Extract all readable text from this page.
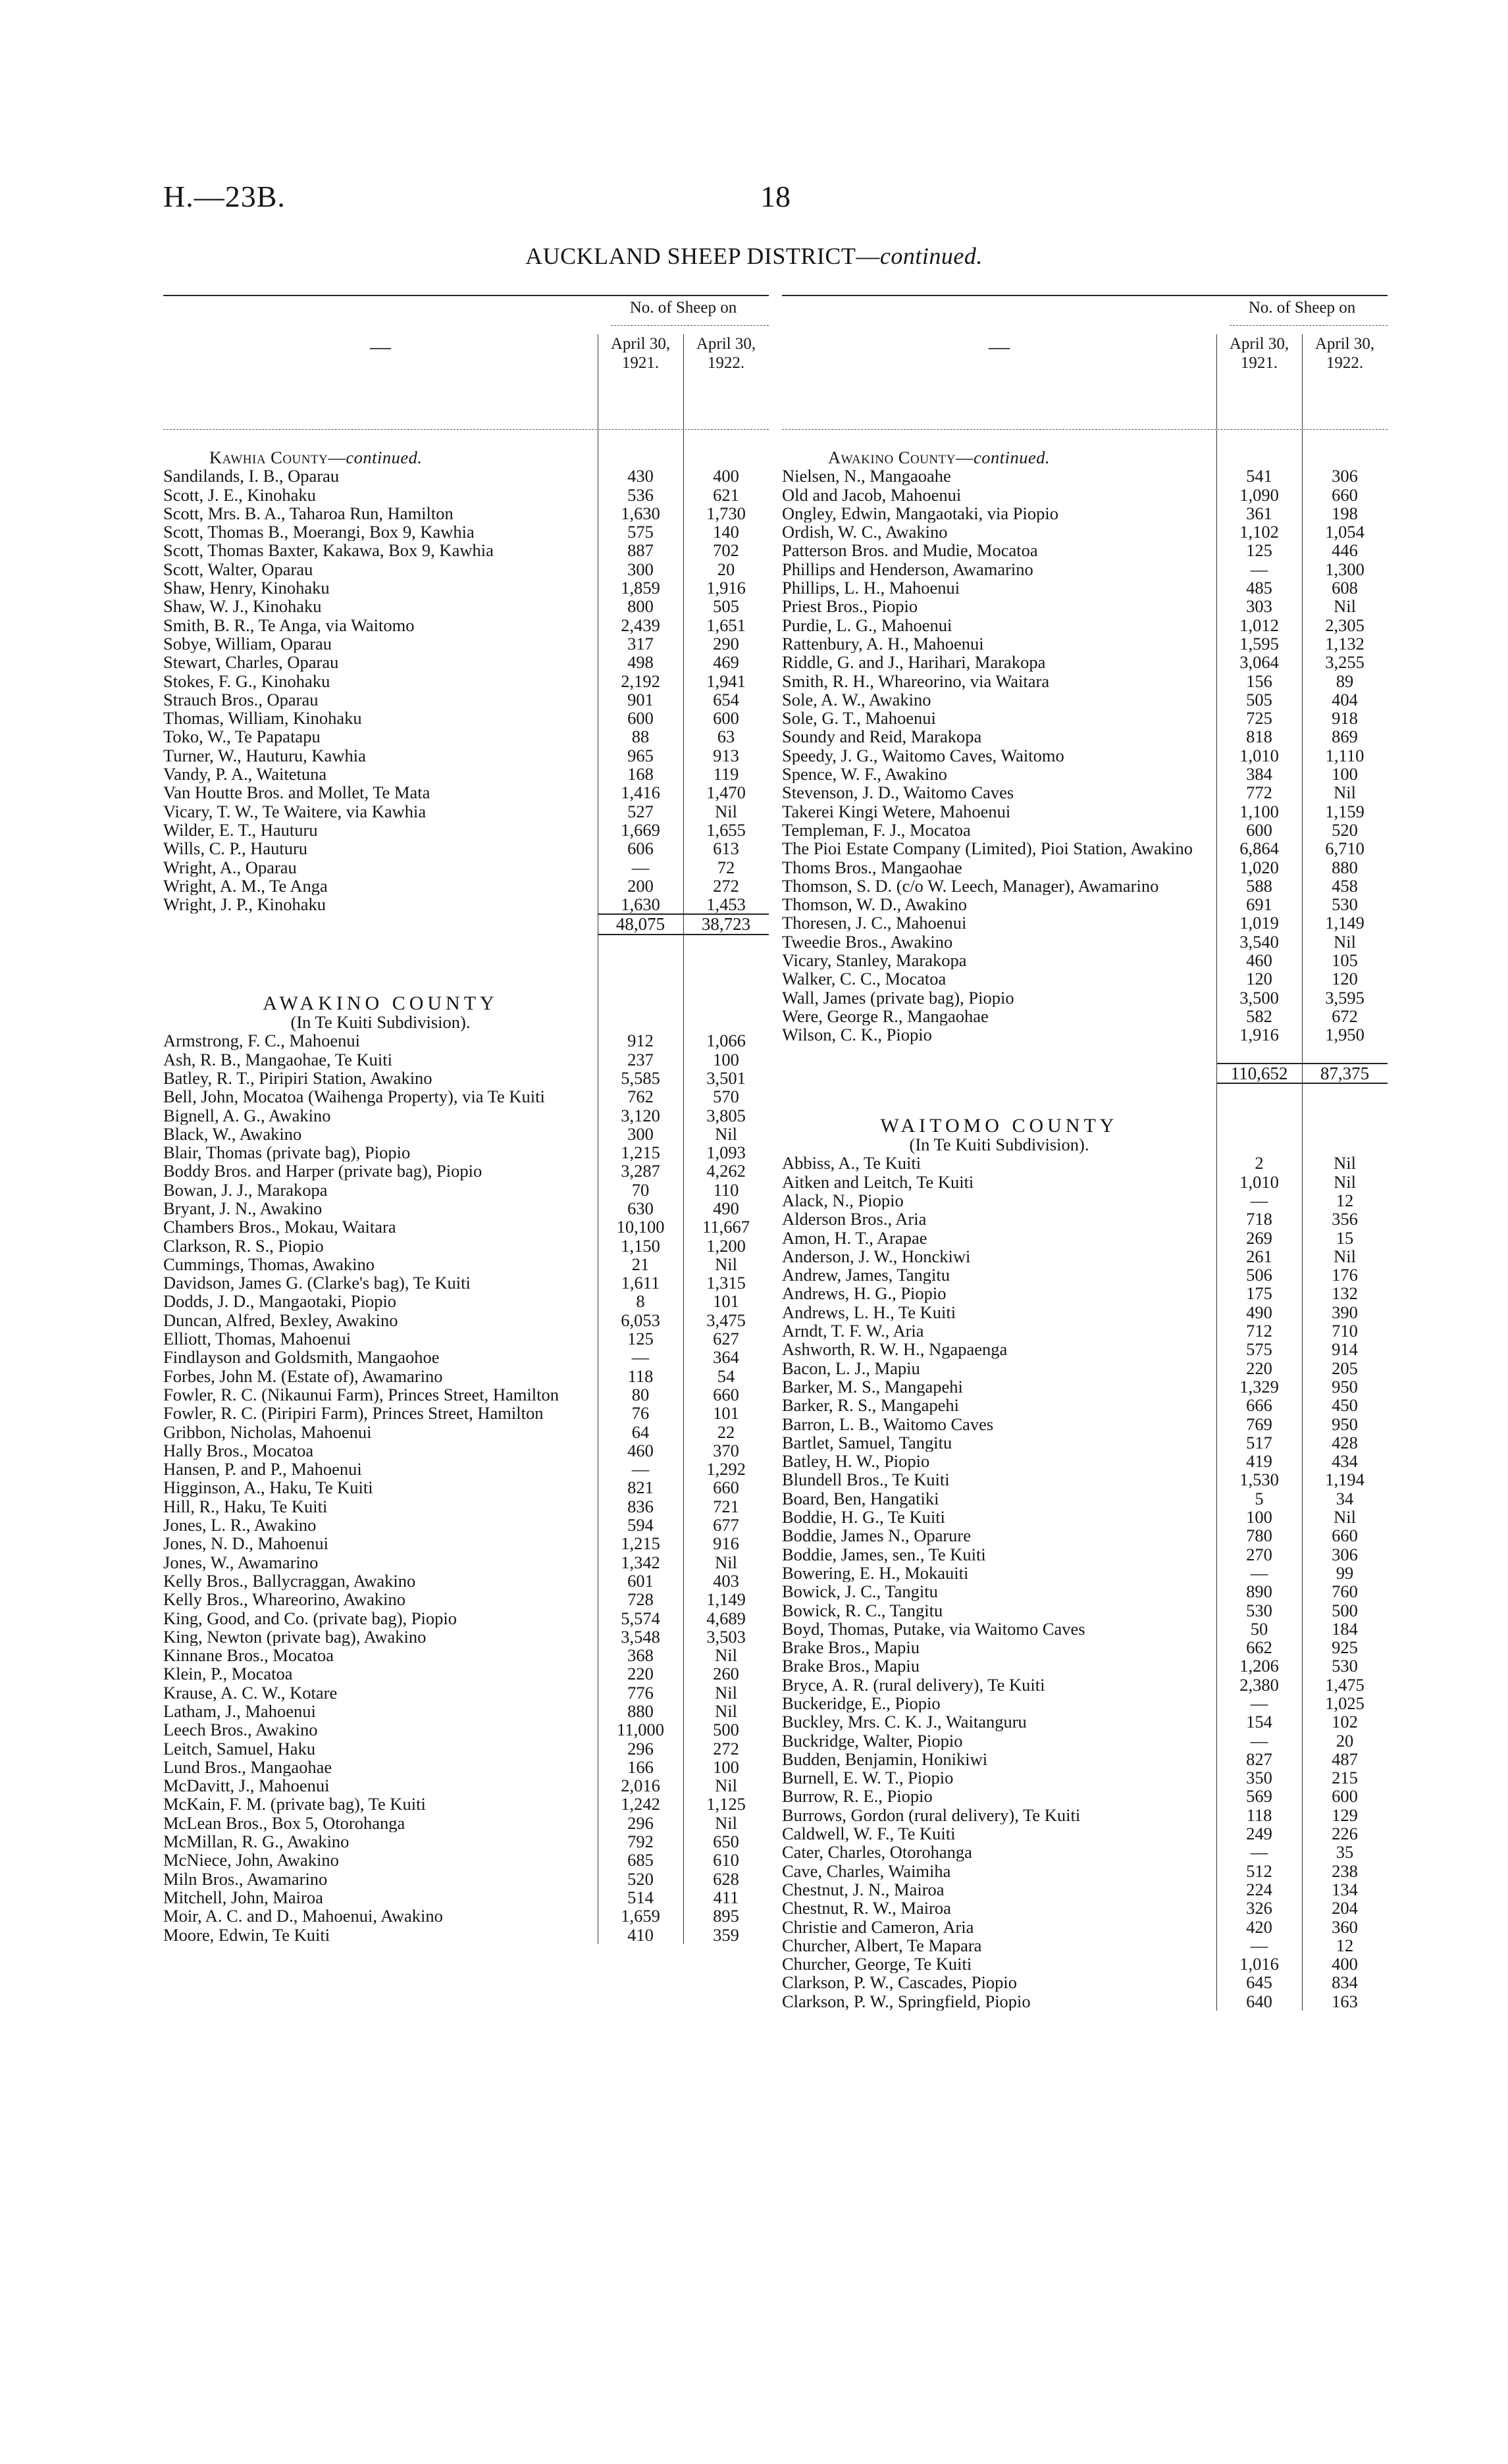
H.—23B.	18
AUCKLAND SHEEP DISTRICT—continued.
—
No. of Sheep on
April 30, 1921.
April 30, 1922.
Kawhia County—continued.
Sandilands, I. B., Oparau	430	400
Scott, J. E., Kinohaku	536	621
Scott, Mrs. B. A., Taharoa Run, Hamilton	1,630	1,730
Scott, Thomas B., Moerangi, Box 9, Kawhia	575	140
Scott, Thomas Baxter, Kakawa, Box 9, Kawhia	887	702
Scott, Walter, Oparau	300	20
Shaw, Henry, Kinohaku	1,859	1,916
Shaw, W. J., Kinohaku	800	505
Smith, B. R., Te Anga, via Waitomo	2,439	1,651
Sobye, William, Oparau	317	290
Stewart, Charles, Oparau	498	469
Stokes, F. G., Kinohaku	2,192	1,941
Strauch Bros., Oparau	901	654
Thomas, William, Kinohaku	600	600
Toko, W., Te Papatapu	88	63
Turner, W., Hauturu, Kawhia	965	913
Vandy, P. A., Waitetuna	168	119
Van Houtte Bros. and Mollet, Te Mata	1,416	1,470
Vicary, T. W., Te Waitere, via Kawhia	527	Nil
Wilder, E. T., Hauturu	1,669	1,655
Wills, C. P., Hauturu	606	613
Wright, A., Oparau	—	72
Wright, A. M., Te Anga	200	272
Wright, J. P., Kinohaku	1,630	1,453
48,075	38,723
AWAKINO COUNTY
(In Te Kuiti Subdivision).
Armstrong, F. C., Mahoenui	912	1,066
Ash, R. B., Mangaohae, Te Kuiti	237	100
Batley, R. T., Piripiri Station, Awakino	5,585	3,501
Bell, John, Mocatoa (Waihenga Property), via Te Kuiti	762	570
Bignell, A. G., Awakino	3,120	3,805
Black, W., Awakino	300	Nil
Blair, Thomas (private bag), Piopio	1,215	1,093
Boddy Bros. and Harper (private bag), Piopio	3,287	4,262
Bowan, J. J., Marakopa	70	110
Bryant, J. N., Awakino	630	490
Chambers Bros., Mokau, Waitara	10,100	11,667
Clarkson, R. S., Piopio	1,150	1,200
Cummings, Thomas, Awakino	21	Nil
Davidson, James G. (Clarke's bag), Te Kuiti	1,611	1,315
Dodds, J. D., Mangaotaki, Piopio	8	101
Duncan, Alfred, Bexley, Awakino	6,053	3,475
Elliott, Thomas, Mahoenui	125	627
Findlayson and Goldsmith, Mangaohoe	—	364
Forbes, John M. (Estate of), Awamarino	118	54
Fowler, R. C. (Nikaunui Farm), Princes Street, Hamilton	80	660
Fowler, R. C. (Piripiri Farm), Princes Street, Hamilton	76	101
Gribbon, Nicholas, Mahoenui	64	22
Hally Bros., Mocatoa	460	370
Hansen, P. and P., Mahoenui	—	1,292
Higginson, A., Haku, Te Kuiti	821	660
Hill, R., Haku, Te Kuiti	836	721
Jones, L. R., Awakino	594	677
Jones, N. D., Mahoenui	1,215	916
Jones, W., Awamarino	1,342	Nil
Kelly Bros., Ballycraggan, Awakino	601	403
Kelly Bros., Whareorino, Awakino	728	1,149
King, Good, and Co. (private bag), Piopio	5,574	4,689
King, Newton (private bag), Awakino	3,548	3,503
Kinnane Bros., Mocatoa	368	Nil
Klein, P., Mocatoa	220	260
Krause, A. C. W., Kotare	776	Nil
Latham, J., Mahoenui	880	Nil
Leech Bros., Awakino	11,000	500
Leitch, Samuel, Haku	296	272
Lund Bros., Mangaohae	166	100
McDavitt, J., Mahoenui	2,016	Nil
McKain, F. M. (private bag), Te Kuiti	1,242	1,125
McLean Bros., Box 5, Otorohanga	296	Nil
McMillan, R. G., Awakino	792	650
McNiece, John, Awakino	685	610
Miln Bros., Awamarino	520	628
Mitchell, John, Mairoa	514	411
Moir, A. C. and D., Mahoenui, Awakino	1,659	895
Moore, Edwin, Te Kuiti	410	359
—
No. of Sheep on
April 30, 1921.
April 30, 1922.
Awakino County—continued.
Nielsen, N., Mangaoahe	541	306
Old and Jacob, Mahoenui	1,090	660
Ongley, Edwin, Mangaotaki, via Piopio	361	198
Ordish, W. C., Awakino	1,102	1,054
Patterson Bros. and Mudie, Mocatoa	125	446
Phillips and Henderson, Awamarino	—	1,300
Phillips, L. H., Mahoenui	485	608
Priest Bros., Piopio	303	Nil
Purdie, L. G., Mahoenui	1,012	2,305
Rattenbury, A. H., Mahoenui	1,595	1,132
Riddle, G. and J., Harihari, Marakopa	3,064	3,255
Smith, R. H., Whareorino, via Waitara	156	89
Sole, A. W., Awakino	505	404
Sole, G. T., Mahoenui	725	918
Soundy and Reid, Marakopa	818	869
Speedy, J. G., Waitomo Caves, Waitomo	1,010	1,110
Spence, W. F., Awakino	384	100
Stevenson, J. D., Waitomo Caves	772	Nil
Takerei Kingi Wetere, Mahoenui	1,100	1,159
Templeman, F. J., Mocatoa	600	520
The Pioi Estate Company (Limited), Pioi Station, Awakino	6,864	6,710
Thoms Bros., Mangaohae	1,020	880
Thomson, S. D. (c/o W. Leech, Manager), Awamarino	588	458
Thomson, W. D., Awakino	691	530
Thoresen, J. C., Mahoenui	1,019	1,149
Tweedie Bros., Awakino	3,540	Nil
Vicary, Stanley, Marakopa	460	105
Walker, C. C., Mocatoa	120	120
Wall, James (private bag), Piopio	3,500	3,595
Were, George R., Mangaohae	582	672
Wilson, C. K., Piopio	1,916	1,950
110,652	87,375
WAITOMO COUNTY
(In Te Kuiti Subdivision).
Abbiss, A., Te Kuiti	2	Nil
Aitken and Leitch, Te Kuiti	1,010	Nil
Alack, N., Piopio	—	12
Alderson Bros., Aria	718	356
Amon, H. T., Arapae	269	15
Anderson, J. W., Honckiwi	261	Nil
Andrew, James, Tangitu	506	176
Andrews, H. G., Piopio	175	132
Andrews, L. H., Te Kuiti	490	390
Arndt, T. F. W., Aria	712	710
Ashworth, R. W. H., Ngapaenga	575	914
Bacon, L. J., Mapiu	220	205
Barker, M. S., Mangapehi	1,329	950
Barker, R. S., Mangapehi	666	450
Barron, L. B., Waitomo Caves	769	950
Bartlet, Samuel, Tangitu	517	428
Batley, H. W., Piopio	419	434
Blundell Bros., Te Kuiti	1,530	1,194
Board, Ben, Hangatiki	5	34
Boddie, H. G., Te Kuiti	100	Nil
Boddie, James N., Oparure	780	660
Boddie, James, sen., Te Kuiti	270	306
Bowering, E. H., Mokauiti	—	99
Bowick, J. C., Tangitu	890	760
Bowick, R. C., Tangitu	530	500
Boyd, Thomas, Putake, via Waitomo Caves	50	184
Brake Bros., Mapiu	662	925
Brake Bros., Mapiu	1,206	530
Bryce, A. R. (rural delivery), Te Kuiti	2,380	1,475
Buckeridge, E., Piopio	—	1,025
Buckley, Mrs. C. K. J., Waitanguru	154	102
Buckridge, Walter, Piopio	—	20
Budden, Benjamin, Honikiwi	827	487
Burnell, E. W. T., Piopio	350	215
Burrow, R. E., Piopio	569	600
Burrows, Gordon (rural delivery), Te Kuiti	118	129
Caldwell, W. F., Te Kuiti	249	226
Cater, Charles, Otorohanga	—	35
Cave, Charles, Waimiha	512	238
Chestnut, J. N., Mairoa	224	134
Chestnut, R. W., Mairoa	326	204
Christie and Cameron, Aria	420	360
Churcher, Albert, Te Mapara	—	12
Churcher, George, Te Kuiti	1,016	400
Clarkson, P. W., Cascades, Piopio	645	834
Clarkson, P. W., Springfield, Piopio	640	163
